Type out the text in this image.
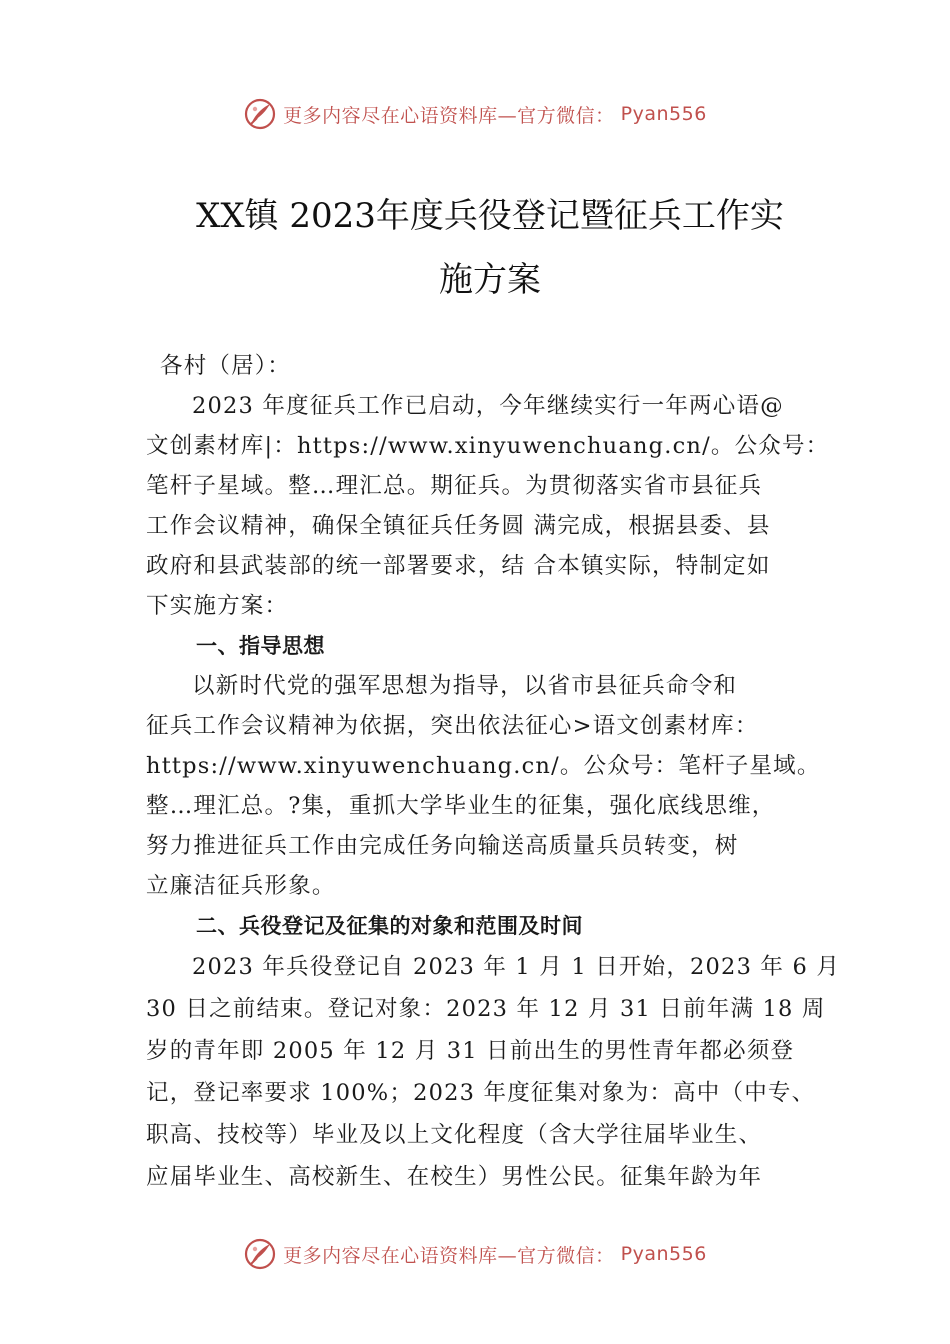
更多内容尽在心语资料库—官方微信： Pyan556
XX镇 2023年度兵役登记暨征兵工作实
施方案
各村（居）：
2023 年度征兵工作已启动，今年继续实行一年两心语@
文创素材库|：https://www.xinyuwenchuang.cn/。公众号：
笔杆子星域。整…理汇总。期征兵。为贯彻落实省市县征兵
工作会议精神，确保全镇征兵任务圆 满完成，根据县委、县
政府和县武装部的统一部署要求，结 合本镇实际，特制定如
下实施方案：
一、指导思想
以新时代党的强军思想为指导，以省市县征兵命令和
征兵工作会议精神为依据，突出依法征心>语文创素材库：
https://www.xinyuwenchuang.cn/。公众号：笔杆子星域。
整…理汇总。?集，重抓大学毕业生的征集，强化底线思维，
努力推进征兵工作由完成任务向输送高质量兵员转变，树
立廉洁征兵形象。
二、兵役登记及征集的对象和范围及时间
2023 年兵役登记自 2023 年 1 月 1 日开始，2023 年 6 月
30 日之前结束。登记对象：2023 年 12 月 31 日前年满 18 周
岁的青年即 2005 年 12 月 31 日前出生的男性青年都必须登
记，登记率要求 100%；2023 年度征集对象为：高中（中专、
职高、技校等）毕业及以上文化程度（含大学往届毕业生、
应届毕业生、高校新生、在校生）男性公民。征集年龄为年
更多内容尽在心语资料库—官方微信： Pyan556
